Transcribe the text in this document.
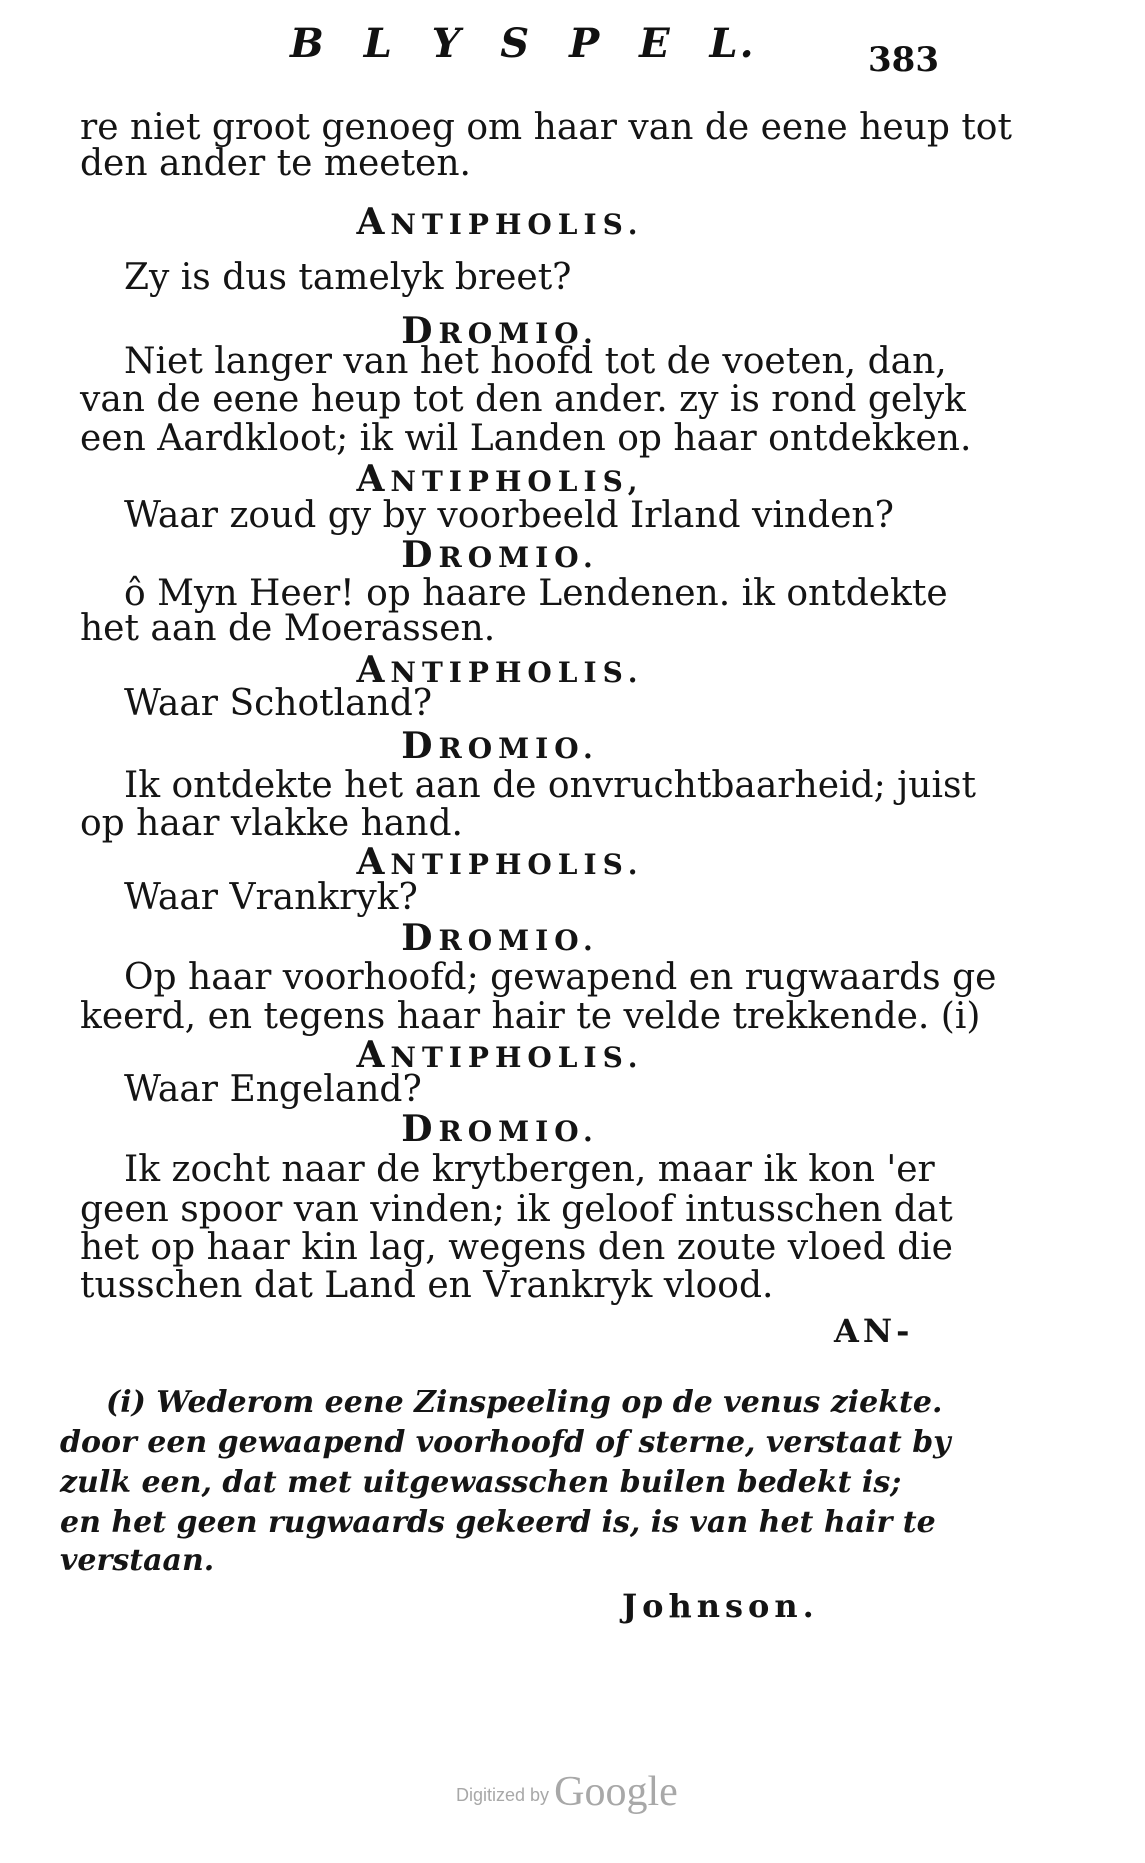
B L Y S P E L.	383
re niet groot genoeg om haar van de eene heup tot
den ander te meeten.
ANTIPHOLIS.
Zy is dus tamelyk breet?
DROMIO.
Niet langer van het hoofd tot de voeten, dan,
van de eene heup tot den ander. zy is rond gelyk
een Aardkloot; ik wil Landen op haar ontdekken.
ANTIPHOLIS,
Waar zoud gy by voorbeeld Irland vinden?
DROMIO.
ô Myn Heer! op haare Lendenen. ik ontdekte
het aan de Moerassen.
ANTIPHOLIS.
Waar Schotland?
DROMIO.
Ik ontdekte het aan de onvruchtbaarheid; juist
op haar vlakke hand.
ANTIPHOLIS.
Waar Vrankryk?
DROMIO.
Op haar voorhoofd; gewapend en rugwaards ge
keerd, en tegens haar hair te velde trekkende. (i)
ANTIPHOLIS.
Waar Engeland?
DROMIO.
Ik zocht naar de krytbergen, maar ik kon 'er
geen spoor van vinden; ik geloof intusschen dat
het op haar kin lag, wegens den zoute vloed die
tusschen dat Land en Vrankryk vlood.
AN-
(i) Wederom eene Zinspeeling op de venus ziekte.
door een gewaapend voorhoofd of sterne, verstaat by
zulk een, dat met uitgewasschen builen bedekt is;
en het geen rugwaards gekeerd is, is van het hair te
verstaan.
Johnson.
Digitized by Google
